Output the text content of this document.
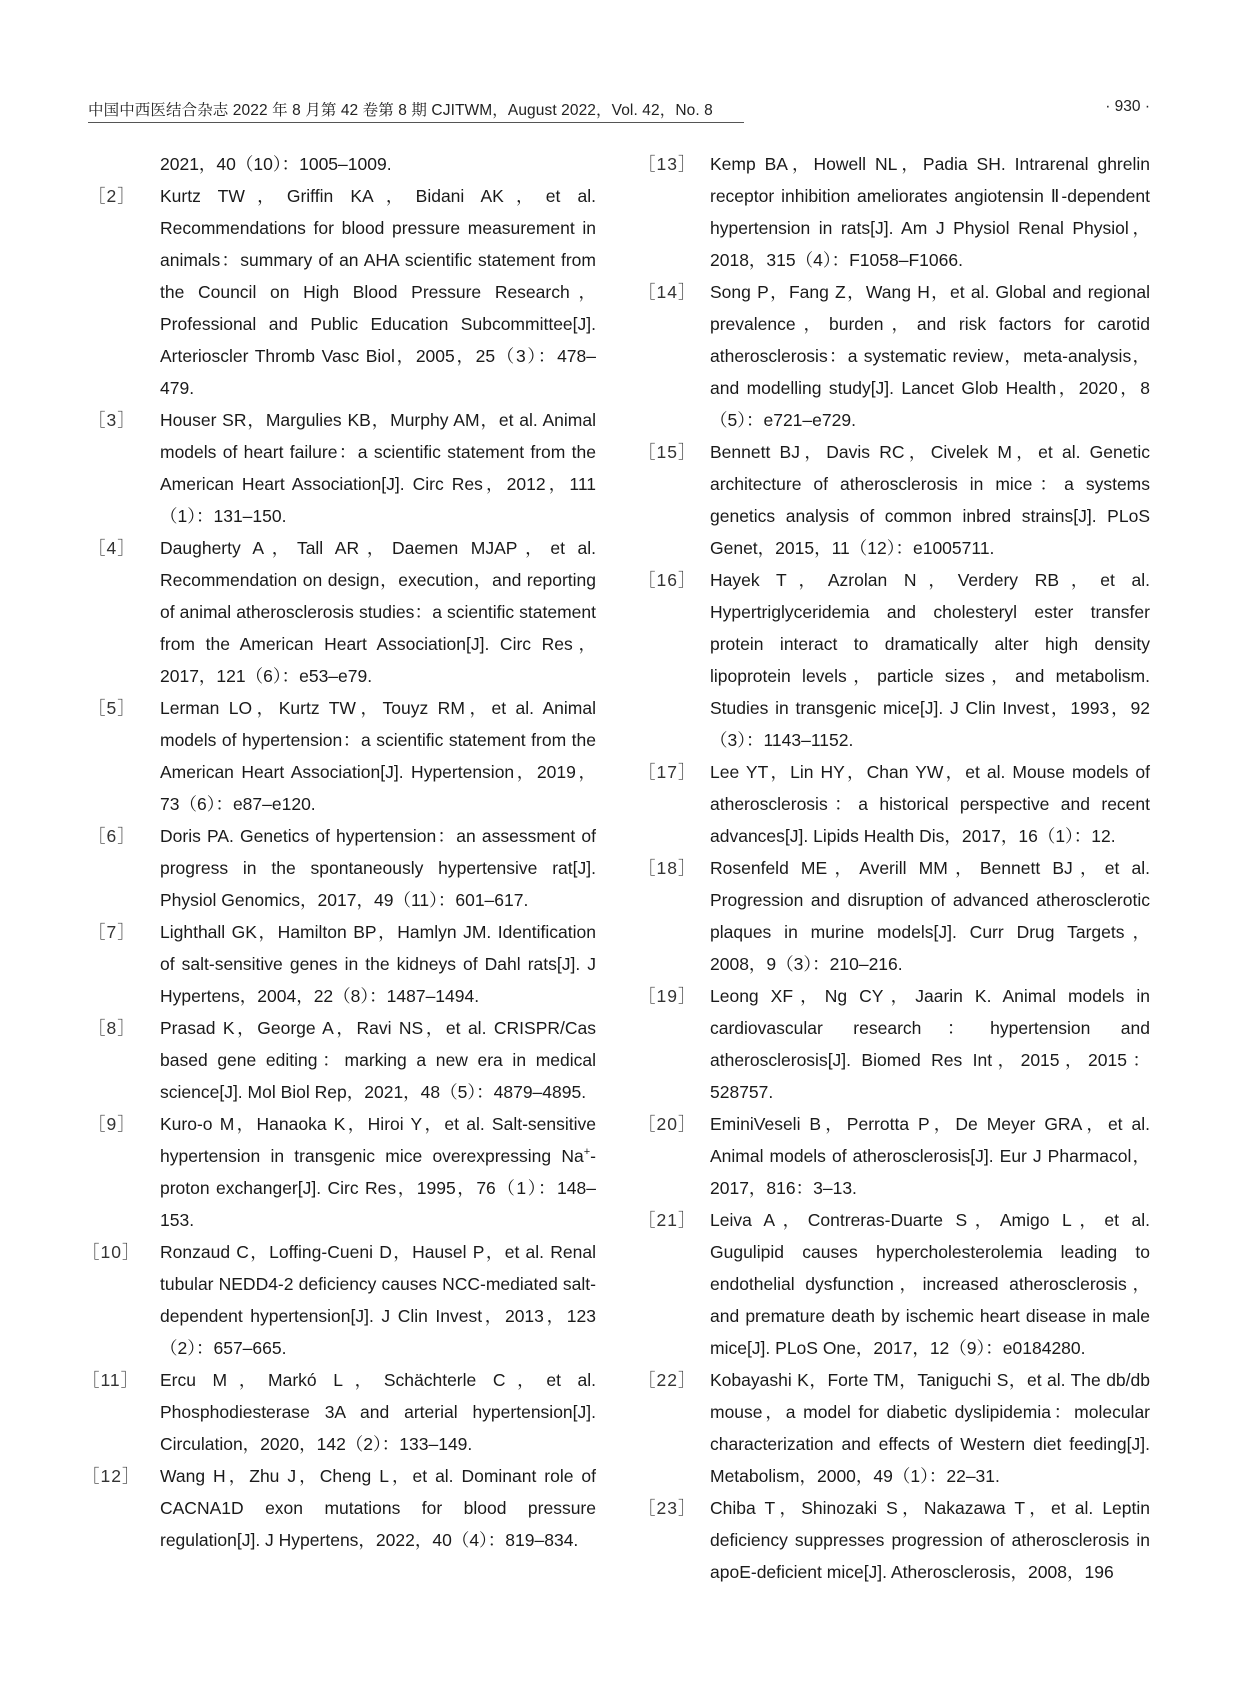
中国中西医结合杂志 2022 年 8 月第 42 卷第 8 期 CJITWM，August 2022，Vol. 42，No. 8	· 930 ·
2021，40（10）：1005–1009.
［2］	Kurtz TW，Griffin KA，Bidani AK，et al. Recommendations for blood pressure measurement in animals：summary of an AHA scientific statement from the Council on High Blood Pressure Research，Professional and Public Education Subcommittee[J]. Arterioscler Thromb Vasc Biol，2005，25（3）：478–479.
［3］	Houser SR，Margulies KB，Murphy AM，et al. Animal models of heart failure：a scientific statement from the American Heart Association[J]. Circ Res，2012，111（1）：131–150.
［4］	Daugherty A，Tall AR，Daemen MJAP，et al. Recommendation on design，execution，and reporting of animal atherosclerosis studies：a scientific statement from the American Heart Association[J]. Circ Res，2017，121（6）：e53–e79.
［5］	Lerman LO，Kurtz TW，Touyz RM，et al. Animal models of hypertension：a scientific statement from the American Heart Association[J]. Hypertension，2019，73（6）：e87–e120.
［6］	Doris PA. Genetics of hypertension：an assessment of progress in the spontaneously hypertensive rat[J]. Physiol Genomics，2017，49（11）：601–617.
［7］	Lighthall GK，Hamilton BP，Hamlyn JM. Identification of salt-sensitive genes in the kidneys of Dahl rats[J]. J Hypertens，2004，22（8）：1487–1494.
［8］	Prasad K，George A，Ravi NS，et al. CRISPR/Cas based gene editing：marking a new era in medical science[J]. Mol Biol Rep，2021，48（5）：4879–4895.
［9］	Kuro-o M，Hanaoka K，Hiroi Y，et al. Salt-sensitive hypertension in transgenic mice overexpressing Na+-proton exchanger[J]. Circ Res，1995，76（1）：148–153.
［10］	Ronzaud C，Loffing-Cueni D，Hausel P，et al. Renal tubular NEDD4-2 deficiency causes NCC-mediated salt-dependent hypertension[J]. J Clin Invest，2013，123（2）：657–665.
［11］	Ercu M，Markó L，Schächterle C，et al. Phosphodiesterase 3A and arterial hypertension[J]. Circulation，2020，142（2）：133–149.
［12］	Wang H，Zhu J，Cheng L，et al. Dominant role of CACNA1D exon mutations for blood pressure regulation[J]. J Hypertens，2022，40（4）：819–834.
［13］ Kemp BA，Howell NL，Padia SH. Intrarenal ghrelin receptor inhibition ameliorates angiotensin Ⅱ-dependent hypertension in rats[J]. Am J Physiol Renal Physiol，2018，315（4）：F1058–F1066.
［14］ Song P，Fang Z，Wang H，et al. Global and regional prevalence，burden，and risk factors for carotid atherosclerosis：a systematic review，meta-analysis，and modelling study[J]. Lancet Glob Health，2020，8（5）：e721–e729.
［15］ Bennett BJ，Davis RC，Civelek M，et al. Genetic architecture of atherosclerosis in mice：a systems genetics analysis of common inbred strains[J]. PLoS Genet，2015，11（12）：e1005711.
［16］ Hayek T，Azrolan N，Verdery RB，et al. Hypertriglyceridemia and cholesteryl ester transfer protein interact to dramatically alter high density lipoprotein levels，particle sizes，and metabolism. Studies in transgenic mice[J]. J Clin Invest，1993，92（3）：1143–1152.
［17］ Lee YT，Lin HY，Chan YW，et al. Mouse models of atherosclerosis：a historical perspective and recent advances[J]. Lipids Health Dis，2017，16（1）：12.
［18］ Rosenfeld ME，Averill MM，Bennett BJ，et al. Progression and disruption of advanced atherosclerotic plaques in murine models[J]. Curr Drug Targets，2008，9（3）：210–216.
［19］ Leong XF，Ng CY，Jaarin K. Animal models in cardiovascular research：hypertension and atherosclerosis[J]. Biomed Res Int，2015，2015：528757.
［20］ EminiVeseli B，Perrotta P，De Meyer GRA，et al. Animal models of atherosclerosis[J]. Eur J Pharmacol，2017，816：3–13.
［21］ Leiva A，Contreras-Duarte S，Amigo L，et al. Gugulipid causes hypercholesterolemia leading to endothelial dysfunction，increased atherosclerosis，and premature death by ischemic heart disease in male mice[J]. PLoS One，2017，12（9）：e0184280.
［22］ Kobayashi K，Forte TM，Taniguchi S，et al. The db/db mouse，a model for diabetic dyslipidemia：molecular characterization and effects of Western diet feeding[J]. Metabolism，2000，49（1）：22–31.
［23］ Chiba T，Shinozaki S，Nakazawa T，et al. Leptin deficiency suppresses progression of atherosclerosis in apoE-deficient mice[J]. Atherosclerosis，2008，196
